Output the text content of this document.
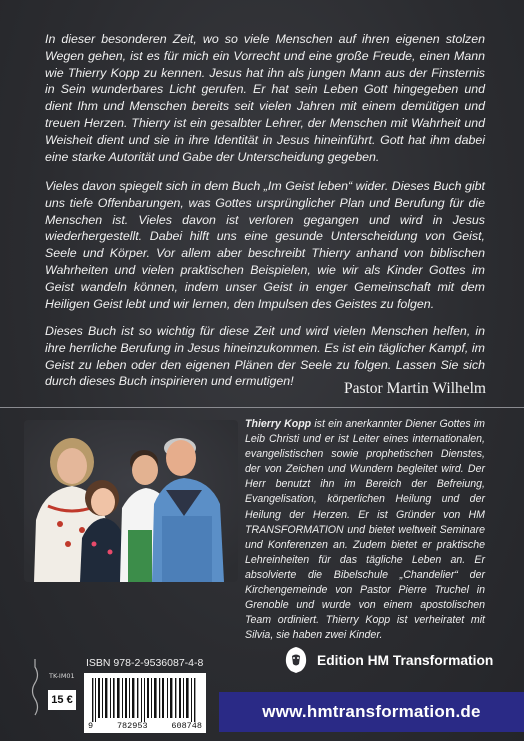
In dieser besonderen Zeit, wo so viele Menschen auf ihren eigenen stolzen Wegen gehen, ist es für mich ein Vorrecht und eine große Freude, einen Mann wie Thierry Kopp zu kennen. Jesus hat ihn als jungen Mann aus der Finsternis in Sein wunderbares Licht gerufen. Er hat sein Leben Gott hingegeben und dient Ihm und Menschen bereits seit vielen Jahren mit einem demütigen und treuen Herzen. Thierry ist ein gesalbter Lehrer, der Menschen mit Wahrheit und Weisheit dient und sie in ihre Identität in Jesus hineinführt. Gott hat ihm dabei eine starke Autorität und Gabe der Unterscheidung gegeben.
Vieles davon spiegelt sich in dem Buch „Im Geist leben“ wider. Dieses Buch gibt uns tiefe Offenbarungen, was Gottes ursprünglicher Plan und Berufung für die Menschen ist. Vieles davon ist verloren gegangen und wird in Jesus wiederhergestellt. Dabei hilft uns eine gesunde Unterscheidung von Geist, Seele und Körper. Vor allem aber beschreibt Thierry anhand von biblischen Wahrheiten und vielen praktischen Beispielen, wie wir als Kinder Gottes im Geist wandeln können, indem unser Geist in enger Gemeinschaft mit dem Heiligen Geist lebt und wir lernen, den Impulsen des Geistes zu folgen.
Dieses Buch ist so wichtig für diese Zeit und wird vielen Menschen helfen, in ihre herrliche Berufung in Jesus hineinzukommen. Es ist ein täglicher Kampf, im Geist zu leben oder den eigenen Plänen der Seele zu folgen. Lassen Sie sich durch dieses Buch inspirieren und ermutigen!	Pastor Martin Wilhelm
Thierry Kopp ist ein anerkannter Diener Gottes im Leib Christi und er ist Leiter eines internationalen, evangelistischen sowie prophetischen Dienstes, der von Zeichen und Wundern begleitet wird. Der Herr benutzt ihn im Bereich der Befreiung, Evangelisation, körperlichen Heilung und der Heilung der Herzen. Er ist Gründer von HM TRANSFORMATION und bietet weltweit Seminare und Konferenzen an. Zudem bietet er praktische Lehreinheiten für das tägliche Leben an. Er absolvierte die Bibelschule „Chandelier“ der Kirchengemeinde von Pastor Pierre Truchel in Grenoble und wurde von einem apostolischen Team ordiniert. Thierry Kopp ist verheiratet mit Silvia, sie haben zwei Kinder.
TK-IM01
15 €
ISBN 978-2-9536087-4-8
9	782953	608748
Edition HM Transformation
www.hmtransformation.de
